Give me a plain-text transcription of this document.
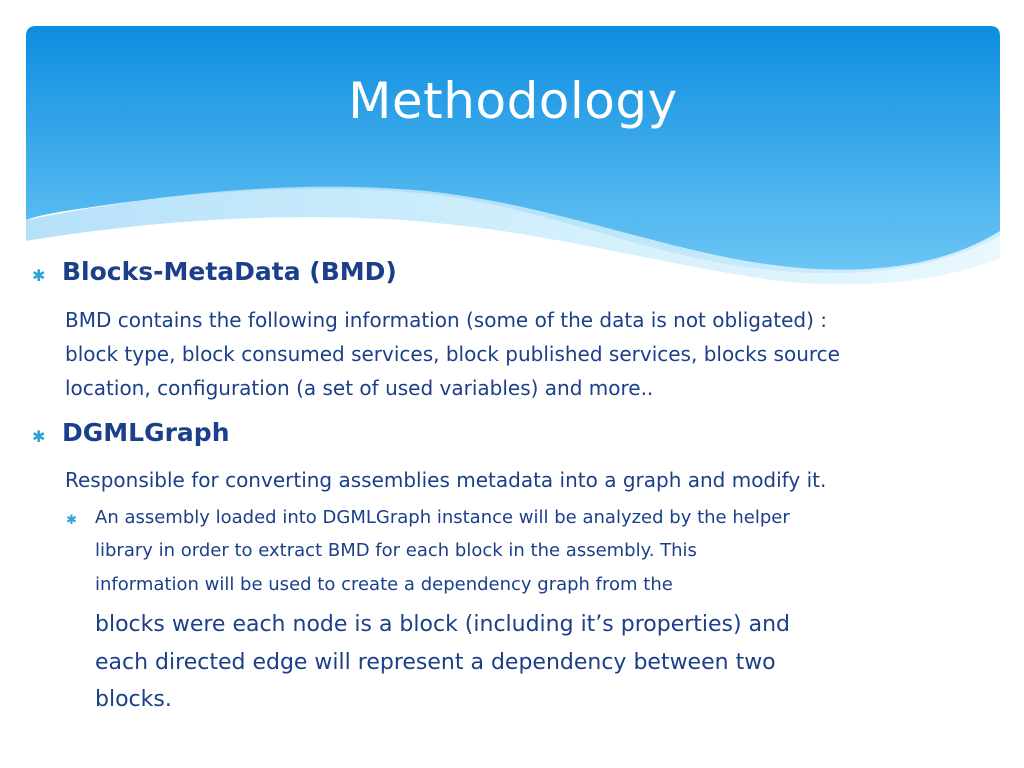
Methodology
✱ Blocks-MetaData (BMD)

BMD contains the following information (some of the data is not obligated) :
block type, block consumed services, block published services, blocks source
location, configuration (a set of used variables) and more..

✱ DGMLGraph

Responsible for converting assemblies metadata into a graph and modify it.

✱ An assembly loaded into DGMLGraph instance will be analyzed by the helper
library in order to extract BMD for each block in the assembly. This
information will be used to create a dependency graph from the
blocks were each node is a block (including it’s properties) and
each directed edge will represent a dependency between two
blocks.
